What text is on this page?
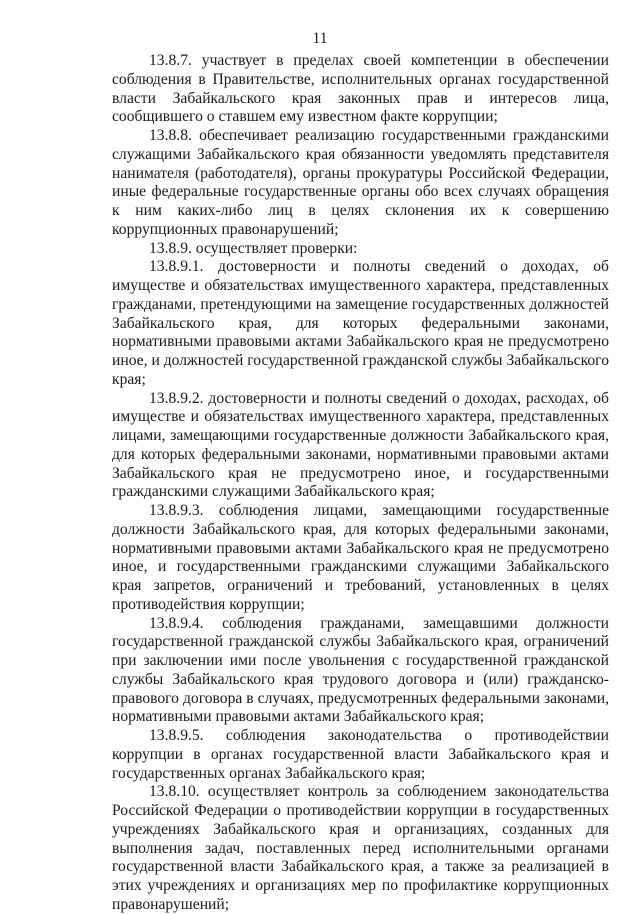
11

13.8.7. участвует в пределах своей компетенции в обеспечении соблюдения в Правительстве, исполнительных органах государственной власти Забайкальского края законных прав и интересов лица, сообщившего о ставшем ему известном факте коррупции;

13.8.8. обеспечивает реализацию государственными гражданскими служащими Забайкальского края обязанности уведомлять представителя нанимателя (работодателя), органы прокуратуры Российской Федерации, иные федеральные государственные органы обо всех случаях обращения к ним каких-либо лиц в целях склонения их к совершению коррупционных правонарушений;

13.8.9. осуществляет проверки:

13.8.9.1. достоверности и полноты сведений о доходах, об имуществе и обязательствах имущественного характера, представленных гражданами, претендующими на замещение государственных должностей Забайкальского края, для которых федеральными законами, нормативными правовыми актами Забайкальского края не предусмотрено иное, и должностей государственной гражданской службы Забайкальского края;

13.8.9.2. достоверности и полноты сведений о доходах, расходах, об имуществе и обязательствах имущественного характера, представленных лицами, замещающими государственные должности Забайкальского края, для которых федеральными законами, нормативными правовыми актами Забайкальского края не предусмотрено иное, и государственными гражданскими служащими Забайкальского края;

13.8.9.3. соблюдения лицами, замещающими государственные должности Забайкальского края, для которых федеральными законами, нормативными правовыми актами Забайкальского края не предусмотрено иное, и государственными гражданскими служащими Забайкальского края запретов, ограничений и требований, установленных в целях противодействия коррупции;

13.8.9.4. соблюдения гражданами, замещавшими должности государственной гражданской службы Забайкальского края, ограничений при заключении ими после увольнения с государственной гражданской службы Забайкальского края трудового договора и (или) гражданско-правового договора в случаях, предусмотренных федеральными законами, нормативными правовыми актами Забайкальского края;

13.8.9.5. соблюдения законодательства о противодействии коррупции в органах государственной власти Забайкальского края и государственных органах Забайкальского края;

13.8.10. осуществляет контроль за соблюдением законодательства Российской Федерации о противодействии коррупции в государственных учреждениях Забайкальского края и организациях, созданных для выполнения задач, поставленных перед исполнительными органами государственной власти Забайкальского края, а также за реализацией в этих учреждениях и организациях мер по профилактике коррупционных правонарушений;
